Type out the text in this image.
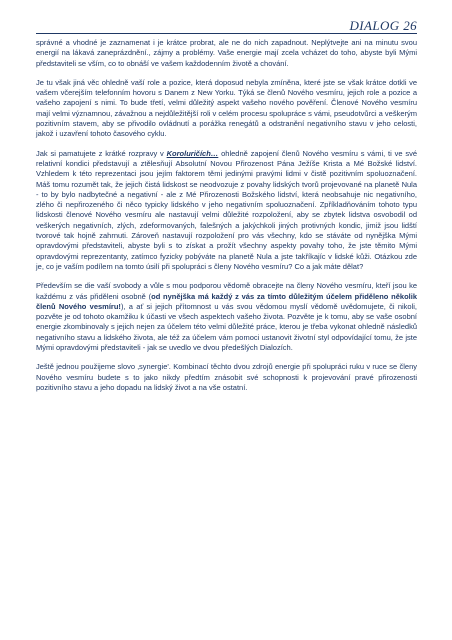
DIALOG 26

správné a vhodné je zaznamenat i je krátce probrat, ale ne do nich zapadnout. Neplýtvejte ani na minutu svou energií na lákavá zaneprázdnění., zájmy a problémy. Vaše energie mají zcela vcházet do toho, abyste byli Mými představiteli se vším, co to obnáší ve vašem každodenním životě a chování.

Je tu však jiná věc ohledně vaší role a pozice, která doposud nebyla zmíněna, které jste se však krátce dotkli ve vašem včerejším telefonním hovoru s Danem z New Yorku. Týká se členů Nového vesmíru, jejich role a pozice a vašeho zapojení s nimi. To bude třetí, velmi důležitý aspekt vašeho nového pověření. Členové Nového vesmíru mají velmi významnou, závažnou a nejdůležitější roli v celém procesu spolupráce s vámi, pseudotvůrci a veškerým pozitivním stavem, aby se přivodilo ovládnutí a porážka renegátů a odstranění negativního stavu v jeho celosti, jakož i uzavření tohoto časového cyklu.

Jak si pamatujete z krátké rozpravy v Koroluričích… ohledně zapojení členů Nového vesmíru s vámi, ti ve své relativní kondici představují a ztělesňují Absolutní Novou Přirozenost Pána Ježíše Krista a Mé Božské lidství. Vzhledem k této reprezentaci jsou jejím faktorem těmi jedinými pravými lidmi v čistě pozitivním spoluoznačení. Máš tomu rozumět tak, že jejich čistá lidskost se neodvozuje z povahy lidských tvorů projevované na planetě Nula - to by bylo nadbytečné a negativní - ale z Mé Přirozenosti Božského lidství, která neobsahuje nic negativního, zlého či nepřirozeného či něco typicky lidského v jeho negativním spoluoznačení. Zpříkladňováním tohoto typu lidskosti členové Nového vesmíru ale nastavují velmi důležité rozpoložení, aby se zbytek lidstva osvobodil od veškerých negativních, zlých, zdeformovaných, falešných a jakýchkoli jiných protivných kondic, jimiž jsou lidští tvorové tak hojně zahrnuti. Zároveň nastavují rozpoložení pro vás všechny, kdo se stáváte od nynějška Mými opravdovými představiteli, abyste byli s to získat a prožít všechny aspekty povahy toho, že jste těmito Mými opravdovými reprezentanty, zatímco fyzicky pobýváte na planetě Nula a jste takříkajíc v lidské kůži. Otázkou zde je, co je vaším podílem na tomto úsilí při spolupráci s členy Nového vesmíru? Co a jak máte dělat?

Především se die vaší svobody a vůle s mou podporou vědomě obracejte na členy Nového vesmíru, kteří jsou ke každému z vás přiděleni osobně (od nynějška má každý z vás za tímto důležitým účelem přiděleno několik členů Nového vesmíru!), a ať si jejich přítomnost u vás svou vědomou myslí vědomě uvědomujete, či nikoli, pozvěte je od tohoto okamžiku k účasti ve všech aspektech vašeho života. Pozvěte je k tomu, aby se vaše osobní energie zkombinovaly s jejich nejen za účelem této velmi důležité práce, kterou je třeba vykonat ohledně následků negativního stavu a lidského života, ale též za účelem vám pomoci ustanovit životní styl odpovídající tomu, že jste Mými opravdovými představiteli - jak se uvedlo ve dvou předešlých Dialozích.

Ještě jednou použijeme slovo ‚synergie'. Kombinací těchto dvou zdrojů energie při spolupráci ruku v ruce se členy Nového vesmíru budete s to jako nikdy předtím znásobit své schopnosti k projevování pravé přirozenosti pozitivního stavu a jeho dopadu na lidský život a na vše ostatní.
